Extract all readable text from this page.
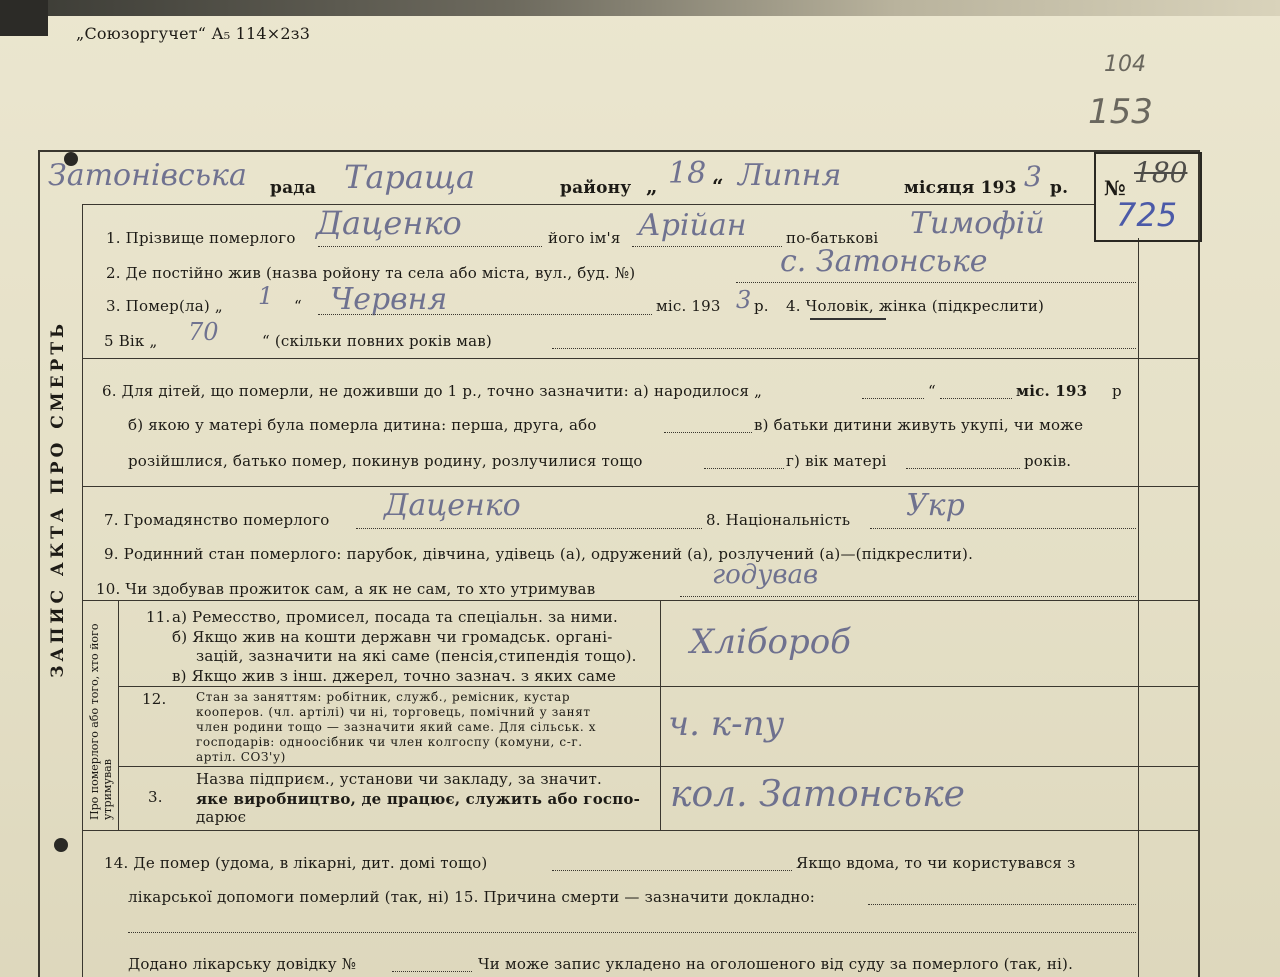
„Союзоргучет“ А₅ 114×2з3
104
153
ЗАПИС АКТА ПРО СМЕРТЬ
Про померлого або того, хто його утримував
Затонівська рада Тараща	району „ 18 “ Липня	місяця 193 3 р. № 180
725
1. Прізвище померлого Даценко	його ім'я Арійан	по-батькові Тимофій
2. Де постійно жив (назва ройону та села або міста, вул., буд. №)	с. Затонське
3. Помер(ла) „ 1 “ Червня	міс. 193 3 р. 4. Чоловік, жінка (підкреслити)
5 Вік „ 70	“ (скільки повних років мав)
6. Для дітей, що померли, не доживши до 1 р., точно зазначити: а) народилося „	“	міс. 193 р
б) якою у матері була померла дитина: перша, друга, або	в) батьки дитини живуть укупі, чи може
розійшлися, батько помер, покинув родину, розлучилися тощо	г) вік матері	років.
7. Громадянство померлого Даценко	8. Національність Укр
9. Родинний стан померлого: парубок, дівчина, удівець (а), одружений (а), розлучений (а)—(підкреслити).
10. Чи здобував прожиток сам, а як не сам, то хто утримував	годував
11. а) Ремесство, промисел, посада та спеціальн. за ними.
б) Якщо жив на кошти державн чи громадськ. органі-
зацій, зазначити на які саме (пенсія,стипендія тощо).
в) Якщо жив з інш. джерел, точно зазнач. з яких саме
Хлібороб
12. Стан за заняттям: робітник, служб., ремісник, кустар
кооперов. (чл. артілі) чи ні, торговець, помічний у занят
член родини тощо — зазначити який саме. Для сільськ. х
господарів: одноосібник чи член колгоспу (комуни, с-г.
артіл. СОЗ'у)
ч. к-пу
3.
Назва підприєм., установи чи закладу, за значит.
яке виробництво, де працює, служить або госпо-
дарює
кол. Затонське
14. Де помер (удома, в лікарні, дит. домі тощо)	Якщо вдома, то чи користувався з
лікарської допомоги померлий (так, ні) 15. Причина смерти — зазначити докладно:
Додано лікарську довідку №	Чи може запис укладено на оголошеного від суду за померлого (так, ні).
